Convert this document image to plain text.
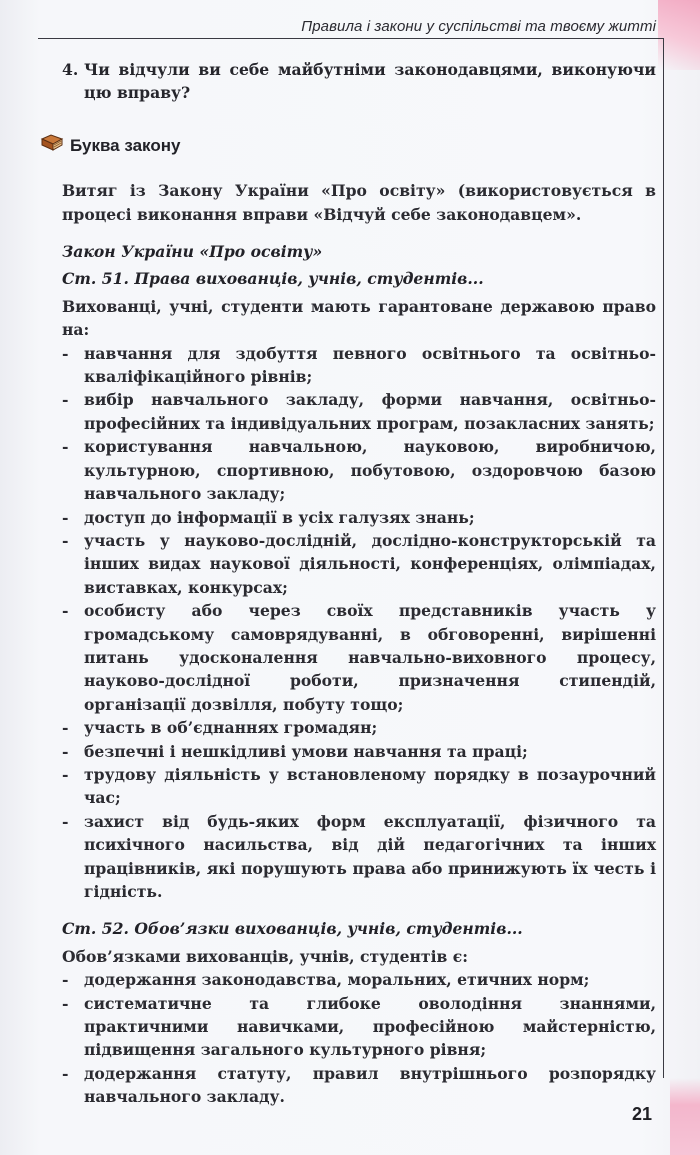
Правила і закони у суспільстві та твоєму житті
4. Чи відчули ви себе майбутніми законодавцями, виконуючи цю вправу?
Буква закону
Витяг із Закону України «Про освіту» (використовується в процесі виконання вправи «Відчуй себе законодавцем».
Закон України «Про освіту»
Ст. 51. Права вихованців, учнів, студентів...
Вихованці, учні, студенти мають гарантоване державою право на:
- навчання для здобуття певного освітнього та освітньо-кваліфікаційного рівнів;
- вибір навчального закладу, форми навчання, освітньо-професійних та індивідуальних програм, позакласних занять;
- користування навчальною, науковою, виробничою, культурною, спортивною, побутовою, оздоровчою базою навчального закладу;
- доступ до інформації в усіх галузях знань;
- участь у науково-дослідній, дослідно-конструкторській та інших видах наукової діяльності, конференціях, олімпіадах, виставках, конкурсах;
- особисту або через своїх представників участь у громадському самоврядуванні, в обговоренні, вирішенні питань удосконалення навчально-виховного процесу, науково-дослідної роботи, призначення стипендій, організації дозвілля, побуту тощо;
- участь в об’єднаннях громадян;
- безпечні і нешкідливі умови навчання та праці;
- трудову діяльність у встановленому порядку в позаурочний час;
- захист від будь-яких форм експлуатації, фізичного та психічного насильства, від дій педагогічних та інших працівників, які порушують права або принижують їх честь і гідність.
Ст. 52. Обов’язки вихованців, учнів, студентів...
Обов’язками вихованців, учнів, студентів є:
- додержання законодавства, моральних, етичних норм;
- систематичне та глибоке оволодіння знаннями, практичними навичками, професійною майстерністю, підвищення загального культурного рівня;
- додержання статуту, правил внутрішнього розпорядку навчального закладу.
21
